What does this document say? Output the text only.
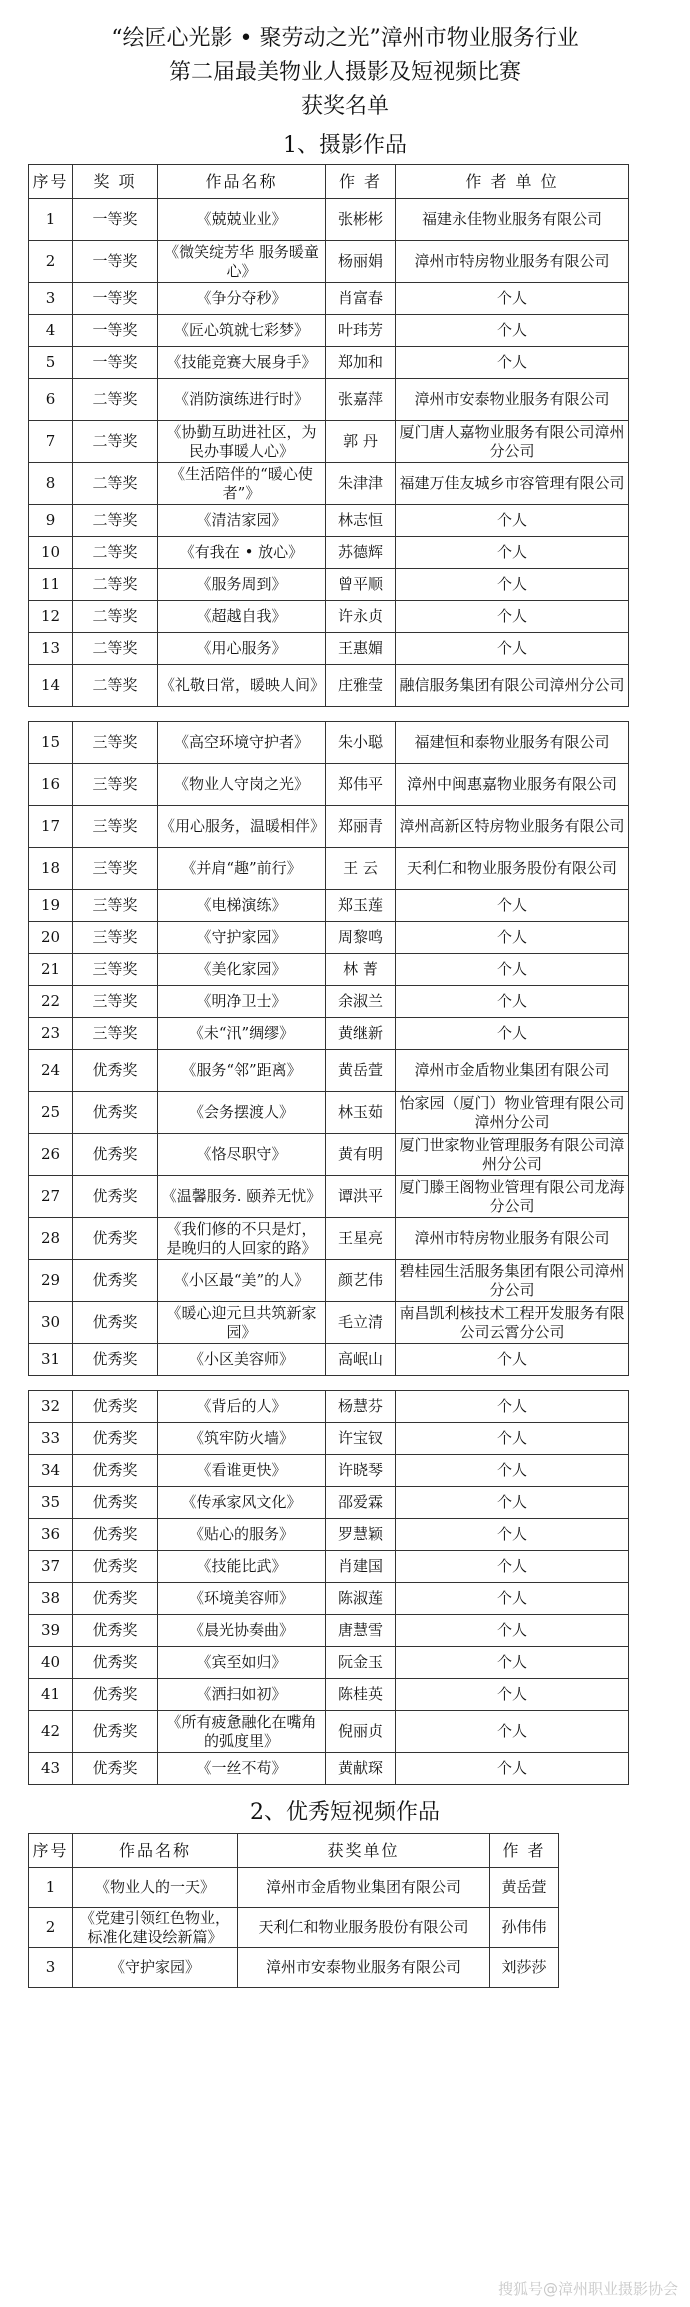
“绘匠心光影 • 聚劳动之光”漳州市物业服务行业
第二届最美物业人摄影及短视频比赛
获奖名单
1、摄影作品
序号	奖 项	作品名称	作 者	作 者 单 位
1	一等奖	《兢兢业业》	张彬彬	福建永佳物业服务有限公司
2	一等奖	《微笑绽芳华 服务暖童心》	杨丽娟	漳州市特房物业服务有限公司
3	一等奖	《争分夺秒》	肖富春	个人
4	一等奖	《匠心筑就七彩梦》	叶玮芳	个人
5	一等奖	《技能竞赛大展身手》	郑加和	个人
6	二等奖	《消防演练进行时》	张嘉萍	漳州市安泰物业服务有限公司
7	二等奖	《协勤互助进社区，为民办事暖人心》	郭 丹	厦门唐人嘉物业服务有限公司漳州分公司
8	二等奖	《生活陪伴的“暖心使者”》	朱津津	福建万佳友城乡市容管理有限公司
9	二等奖	《清洁家园》	林志恒	个人
10	二等奖	《有我在 • 放心》	苏德辉	个人
11	二等奖	《服务周到》	曾平顺	个人
12	二等奖	《超越自我》	许永贞	个人
13	二等奖	《用心服务》	王惠媚	个人
14	二等奖	《礼敬日常，暖映人间》	庄雅莹	融信服务集团有限公司漳州分公司
15	三等奖	《高空环境守护者》	朱小聪	福建恒和泰物业服务有限公司
16	三等奖	《物业人守岗之光》	郑伟平	漳州中闽惠嘉物业服务有限公司
17	三等奖	《用心服务，温暖相伴》	郑丽青	漳州高新区特房物业服务有限公司
18	三等奖	《并肩“趣”前行》	王 云	天利仁和物业服务股份有限公司
19	三等奖	《电梯演练》	郑玉莲	个人
20	三等奖	《守护家园》	周黎鸣	个人
21	三等奖	《美化家园》	林 菁	个人
22	三等奖	《明净卫士》	余淑兰	个人
23	三等奖	《未“汛”绸缪》	黄继新	个人
24	优秀奖	《服务“邻”距离》	黄岳萱	漳州市金盾物业集团有限公司
25	优秀奖	《会务摆渡人》	林玉茹	怡家园（厦门）物业管理有限公司漳州分公司
26	优秀奖	《恪尽职守》	黄有明	厦门世家物业管理服务有限公司漳州分公司
27	优秀奖	《温馨服务. 颐养无忧》	谭洪平	厦门滕王阁物业管理有限公司龙海分公司
28	优秀奖	《我们修的不只是灯，是晚归的人回家的路》	王星亮	漳州市特房物业服务有限公司
29	优秀奖	《小区最“美”的人》	颜艺伟	碧桂园生活服务集团有限公司漳州分公司
30	优秀奖	《暖心迎元旦共筑新家园》	毛立清	南昌凯利核技术工程开发服务有限公司云霄分公司
31	优秀奖	《小区美容师》	高岷山	个人
32	优秀奖	《背后的人》	杨慧芬	个人
33	优秀奖	《筑牢防火墙》	许宝钗	个人
34	优秀奖	《看谁更快》	许晓琴	个人
35	优秀奖	《传承家风文化》	邵爱霖	个人
36	优秀奖	《贴心的服务》	罗慧颖	个人
37	优秀奖	《技能比武》	肖建国	个人
38	优秀奖	《环境美容师》	陈淑莲	个人
39	优秀奖	《晨光协奏曲》	唐慧雪	个人
40	优秀奖	《宾至如归》	阮金玉	个人
41	优秀奖	《洒扫如初》	陈桂英	个人
42	优秀奖	《所有疲惫融化在嘴角的弧度里》	倪丽贞	个人
43	优秀奖	《一丝不苟》	黄献琛	个人
2、优秀短视频作品
序号	作品名称	获奖单位	作 者
1	《物业人的一天》	漳州市金盾物业集团有限公司	黄岳萱
2	《党建引领红色物业，标准化建设绘新篇》	天利仁和物业服务股份有限公司	孙伟伟
3	《守护家园》	漳州市安泰物业服务有限公司	刘莎莎
搜狐号@漳州职业摄影协会
